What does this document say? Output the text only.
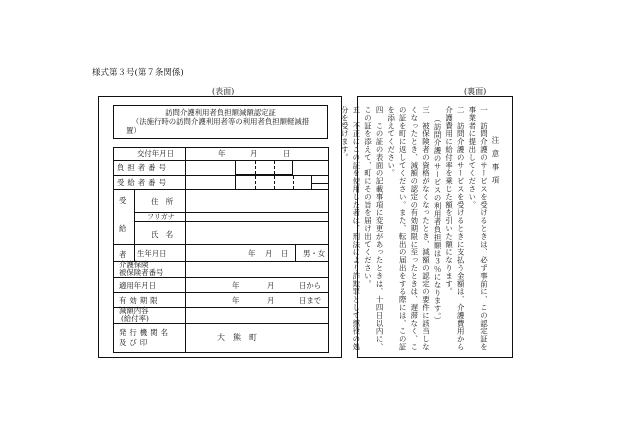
様式第３号(第７条関係)
(表面)	(裏面)
訪問介護利用者負担額減額認定証
（法施行時の訪問介護利用者等の利用者負担額軽減措
置）
交付年月日	年	月	日
負担者番号
受給者番号
受
給
者
住　所
フリガナ
氏　名
生年月日	年 月 日 男・女
介護保険
被保険者番号
適用年月日	年	月	日から
有効期限	年	月	日まで
減額内容
(給付率)
発行機関名
及び印
大　熊　町

注意事項

一　訪問介護のサービスを受けるときは、必ず事前に、この認定証を事業者に提出してください。

二　訪問介護のサービスを受けるときに支払う金額は、介護費用から介護費用に給付率を乗じた額を引いた額になります。

（訪問介護のサービスの利用者負担額は３％になります。）

三　被保険者の資格がなくなったとき、減額の認定の要件に該当しなくなったとき、減額の認定の有効期限に至ったときは、遅滞なく、この証を町に返してください。また、転出の届出をする際には、この証を添えてください。

四　この証の表面の記載事項に変更があったときは、十四日以内に、この証を添えて、町にその旨を届け出てください。

五　不正にこの証を使用した者は、刑法により詐欺罪として懲役の処分を受けます。
